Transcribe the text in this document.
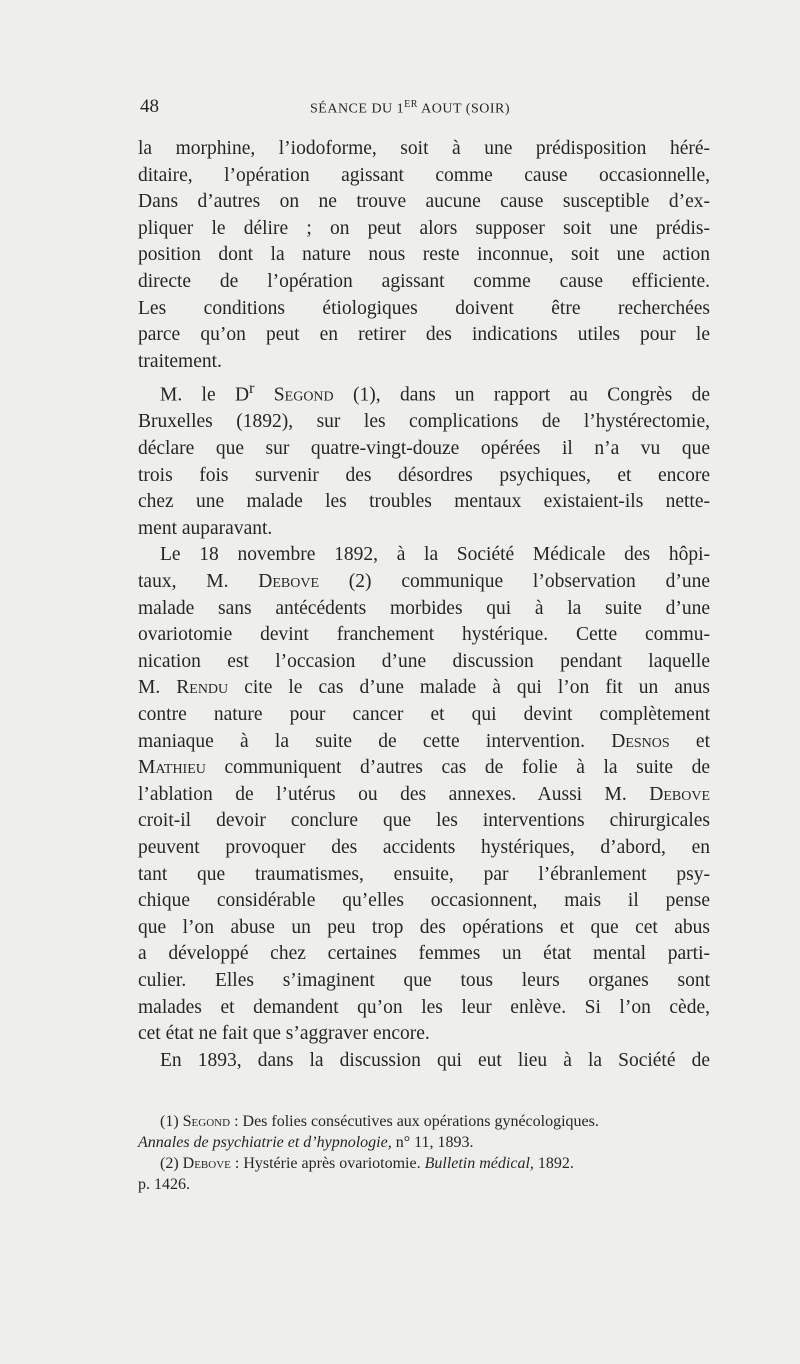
48	SÉANCE DU 1ER AOUT (SOIR)

la morphine, l’iodoforme, soit à une prédisposition héré-

ditaire, l’opération agissant comme cause occasionnelle,

Dans d’autres on ne trouve aucune cause susceptible d’ex-

pliquer le délire ; on peut alors supposer soit une prédis-

position dont la nature nous reste inconnue, soit une action

directe de l’opération agissant comme cause efficiente.

Les conditions étiologiques doivent être recherchées

parce qu’on peut en retirer des indications utiles pour le

traitement.

M. le $D^r$ Segond (1), dans un rapport au Congrès de

Bruxelles (1892), sur les complications de l’hystérectomie,

déclare que sur quatre-vingt-douze opérées il n’a vu que

trois fois survenir des désordres psychiques, et encore

chez une malade les troubles mentaux existaient-ils nette-

ment auparavant.

Le 18 novembre 1892, à la Société Médicale des hôpi-

taux, M. Debove (2) communique l’observation d’une

malade sans antécédents morbides qui à la suite d’une

ovariotomie devint franchement hystérique. Cette commu-

nication est l’occasion d’une discussion pendant laquelle

M. Rendu cite le cas d’une malade à qui l’on fit un anus

contre nature pour cancer et qui devint complètement

maniaque à la suite de cette intervention. Desnos et

Mathieu communiquent d’autres cas de folie à la suite de

l’ablation de l’utérus ou des annexes. Aussi M. Debove

croit-il devoir conclure que les interventions chirurgicales

peuvent provoquer des accidents hystériques, d’abord, en

tant que traumatismes, ensuite, par l’ébranlement psy-

chique considérable qu’elles occasionnent, mais il pense

que l’on abuse un peu trop des opérations et que cet abus

a développé chez certaines femmes un état mental parti-

culier. Elles s’imaginent que tous leurs organes sont

malades et demandent qu’on les leur enlève. Si l’on cède,

cet état ne fait que s’aggraver encore.

En 1893, dans la discussion qui eut lieu à la Société de

(1) Segond : Des folies consécutives aux opérations gynécologiques.
Annales de psychiatrie et d’hypnologie, n° 11, 1893.

(2) Debove : Hystérie après ovariotomie. Bulletin médical, 1892.

p. 1426.
